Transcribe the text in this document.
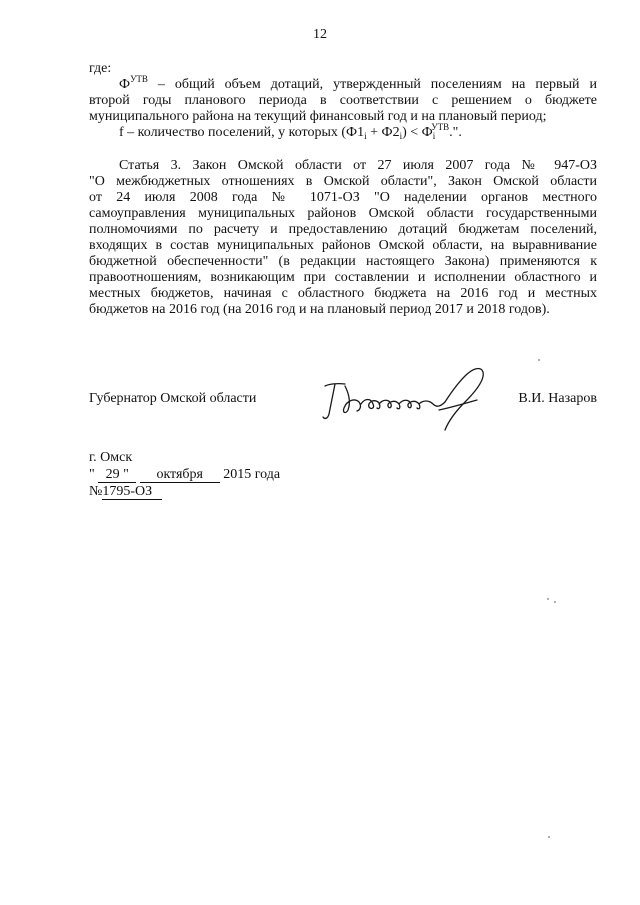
12
где:
$Ф^{УТВ}$ – общий объем дотаций, утвержденный поселениям на первый и
второй годы планового периода в соответствии с решением о бюджете
муниципального района на текущий финансовый год и на плановый период;
f – количество поселений, у которых $(Ф1_i + Ф2_i) < Ф_i^{УТВ}$.".
Статья 3. Закон Омской области от 27 июля 2007 года № 947-ОЗ
"О межбюджетных отношениях в Омской области", Закон Омской области
от 24 июля 2008 года № 1071-ОЗ "О наделении органов местного
самоуправления муниципальных районов Омской области государственными
полномочиями по расчету и предоставлению дотаций бюджетам поселений,
входящих в состав муниципальных районов Омской области, на выравнивание
бюджетной обеспеченности" (в редакции настоящего Закона) применяются к
правоотношениям, возникающим при составлении и исполнении областного и
местных бюджетов, начиная с областного бюджета на 2016 год и местных
бюджетов на 2016 год (на 2016 год и на плановый период 2017 и 2018 годов).
Губернатор Омской области	В.И. Назаров
г. Омск
" 29 " октября 2015 года
№1795-ОЗ
